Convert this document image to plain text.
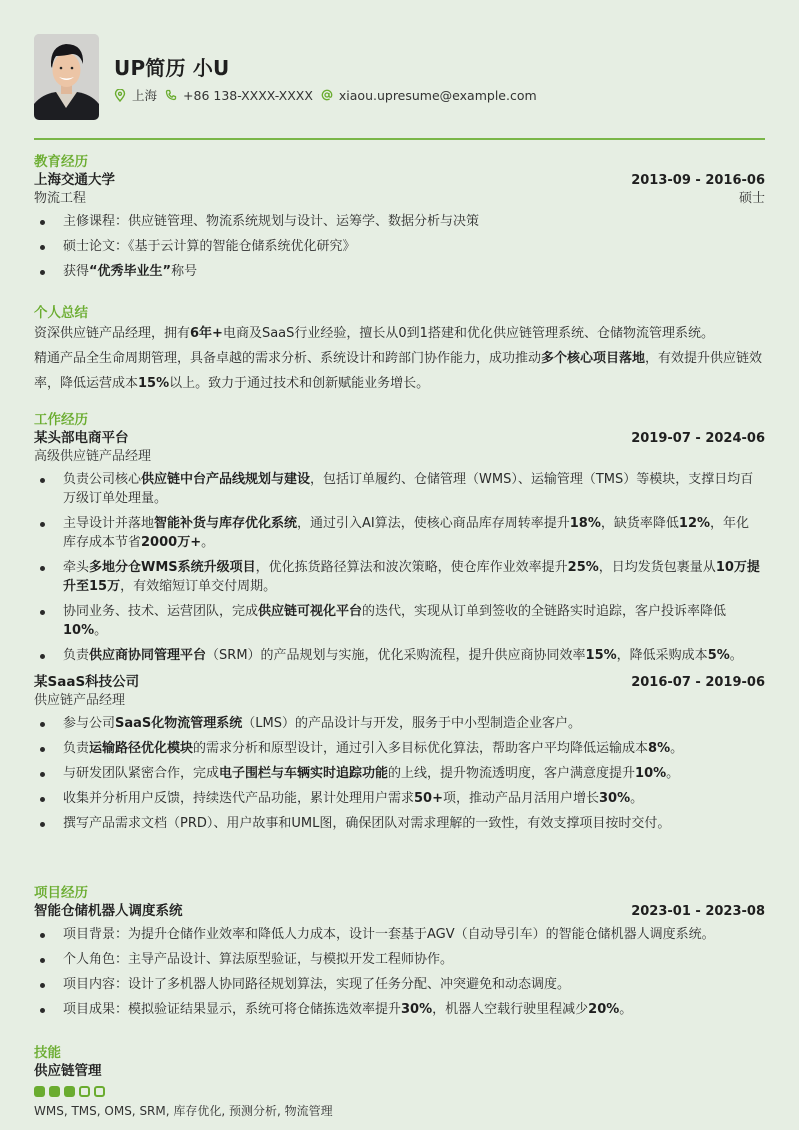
UP简历 小U
上海 +86 138-XXXX-XXXX xiaou.upresume@example.com
教育经历
上海交通大学	2013-09 - 2016-06
物流工程	硕士
主修课程：供应链管理、物流系统规划与设计、运筹学、数据分析与决策
硕士论文：《基于云计算的智能仓储系统优化研究》
获得“优秀毕业生”称号
个人总结
资深供应链产品经理，拥有6年+电商及SaaS行业经验，擅长从0到1搭建和优化供应链管理系统、仓储物流管理系统。
精通产品全生命周期管理，具备卓越的需求分析、系统设计和跨部门协作能力，成功推动多个核心项目落地，有效提升供应链效率，降低运营成本15%以上。致力于通过技术和创新赋能业务增长。
工作经历
某头部电商平台	2019-07 - 2024-06
高级供应链产品经理
负责公司核心供应链中台产品线规划与建设，包括订单履约、仓储管理（WMS）、运输管理（TMS）等模块，支撑日均百万级订单处理量。
主导设计并落地智能补货与库存优化系统，通过引入AI算法，使核心商品库存周转率提升18%，缺货率降低12%，年化库存成本节省2000万+。
牵头多地分仓WMS系统升级项目，优化拣货路径算法和波次策略，使仓库作业效率提升25%，日均发货包裹量从10万提升至15万，有效缩短订单交付周期。
协同业务、技术、运营团队，完成供应链可视化平台的迭代，实现从订单到签收的全链路实时追踪，客户投诉率降低10%。
负责供应商协同管理平台（SRM）的产品规划与实施，优化采购流程，提升供应商协同效率15%，降低采购成本5%。
某SaaS科技公司	2016-07 - 2019-06
供应链产品经理
参与公司SaaS化物流管理系统（LMS）的产品设计与开发，服务于中小型制造企业客户。
负责运输路径优化模块的需求分析和原型设计，通过引入多目标优化算法，帮助客户平均降低运输成本8%。
与研发团队紧密合作，完成电子围栏与车辆实时追踪功能的上线，提升物流透明度，客户满意度提升10%。
收集并分析用户反馈，持续迭代产品功能，累计处理用户需求50+项，推动产品月活用户增长30%。
撰写产品需求文档（PRD）、用户故事和UML图，确保团队对需求理解的一致性，有效支撑项目按时交付。
项目经历
智能仓储机器人调度系统	2023-01 - 2023-08
项目背景：为提升仓储作业效率和降低人力成本，设计一套基于AGV（自动导引车）的智能仓储机器人调度系统。
个人角色：主导产品设计、算法原型验证，与模拟开发工程师协作。
项目内容：设计了多机器人协同路径规划算法，实现了任务分配、冲突避免和动态调度。
项目成果：模拟验证结果显示，系统可将仓储拣选效率提升30%，机器人空载行驶里程减少20%。
技能
供应链管理
WMS, TMS, OMS, SRM, 库存优化, 预测分析, 物流管理
